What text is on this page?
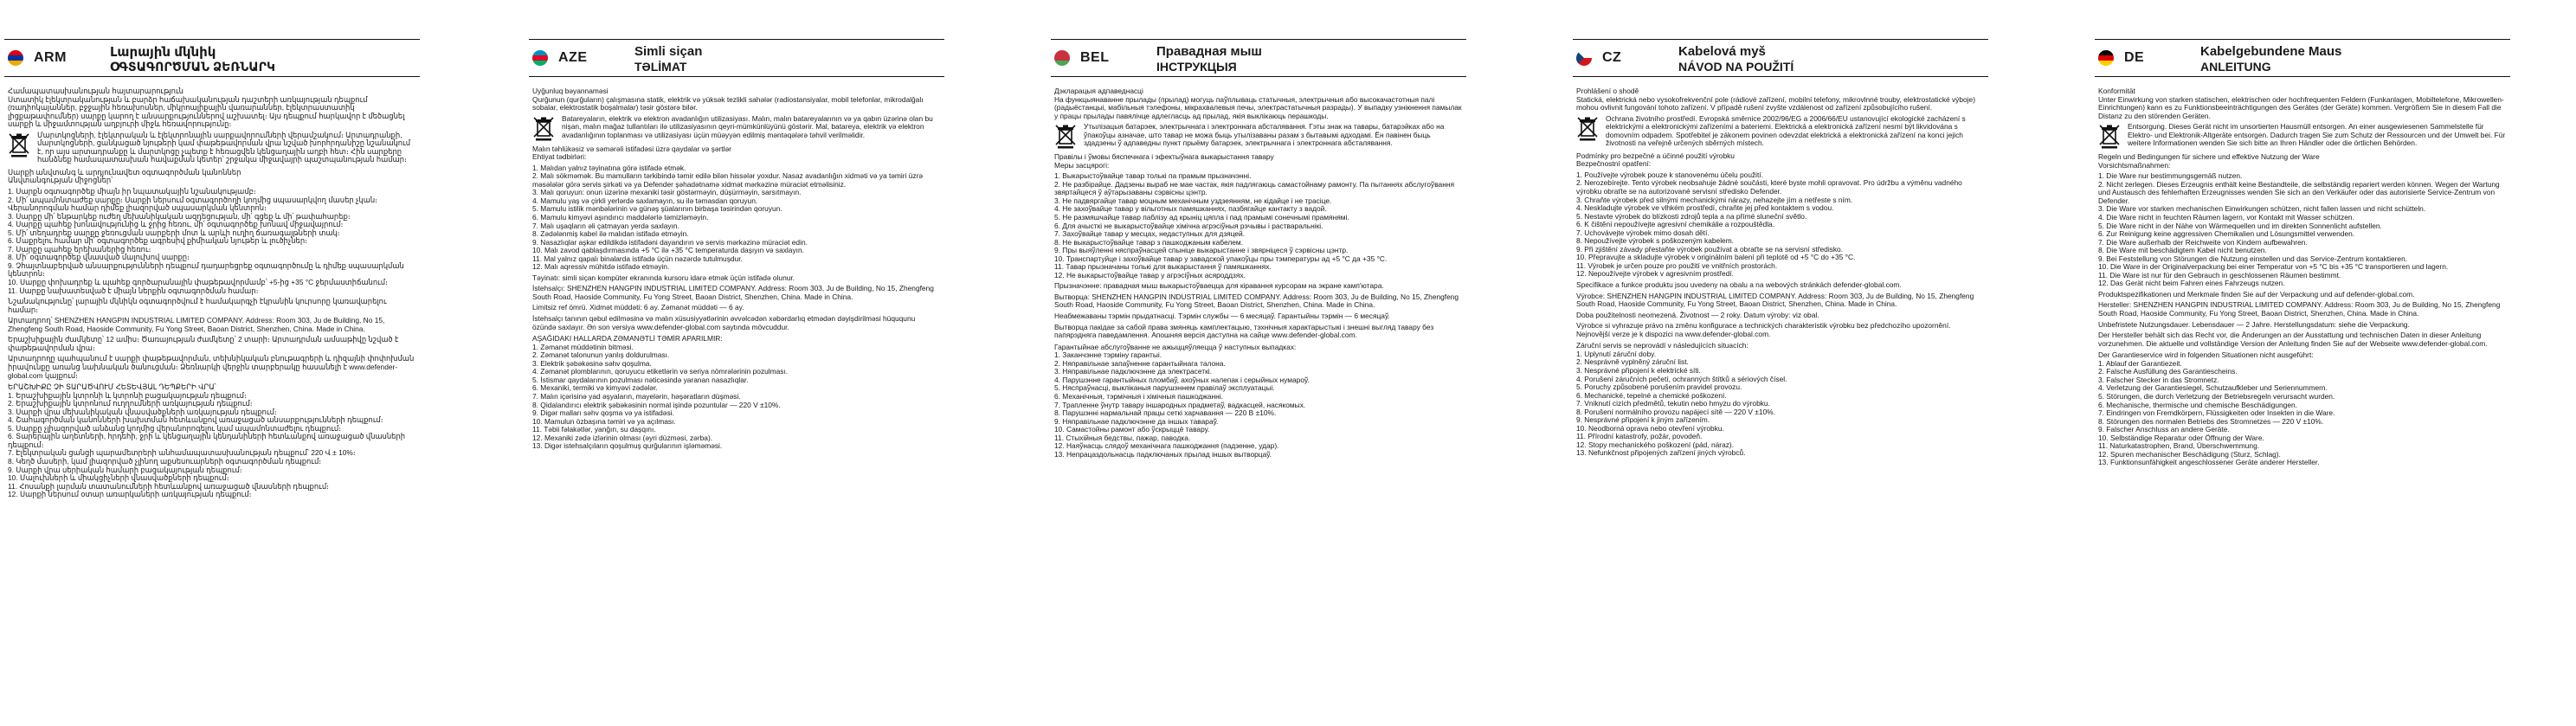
ARM	Լարային մկնիկ
ՕԳՏԱԳՈՐԾՄԱՆ ՁԵՌՆԱՐԿ

Համապատասխանության հայտարարություն

Ստատիկ էլեկտրականության և բարձր հաճախականության դաշտերի առկայության դեպքում (ռադիոկայաններ, բջջային հեռախոսներ, միկրոալիքային վառարաններ, էլեկտրաստատիկ լիցքաթափումներ) սարքը կարող է անսարքություններով աշխատել։ Այս դեպքում հարկավոր է մեծացնել սարքի և միջամտության աղբյուրի միջև հեռավորությունը։

Մարտկոցների, էլեկտրական և էլեկտրոնային սարքավորումների վերամշակում։ Արտադրանքի, մարտկոցների, ցանկացած նյութերի կամ փաթեթավորման վրա նշված խորհրդանիշը նշանակում է, որ այս արտադրանքը և մարտկոցը չպետք է հեռացվեն կենցաղային աղբի հետ։ Հին սարքերը հանձնեք համապատասխան հավաքման կետեր՝ շրջակա միջավայրի պաշտպանության համար։

Սարքի անվտանգ և արդյունավետ օգտագործման կանոններ

Անվտանգության միջոցներ՝

1. Սարքն օգտագործեք միայն իր նպատակային նշանակությամբ։
2. Մի՛ ապամոնտաժեք սարքը։ Սարքի ներսում օգտագործողի կողմից սպասարկվող մասեր չկան։ Վերանորոգման համար դիմեք լիազորված սպասարկման կենտրոն։
3. Սարքը մի՛ ենթարկեք ուժեղ մեխանիկական ազդեցության, մի՛ գցեք և մի՛ թափահարեք։
4. Սարքը պահեք խոնավությունից և ջրից հեռու, մի՛ օգտագործեք խոնավ միջավայրում։
5. Մի՛ տեղադրեք սարքը ջեռուցման սարքերի մոտ և արևի ուղիղ ճառագայթների տակ։
6. Մաքրելու համար մի՛ օգտագործեք ագրեսիվ քիմիական նյութեր և լուծիչներ։
7. Սարքը պահեք երեխաներից հեռու։
8. Մի՛ օգտագործեք վնասված մալուխով սարքը։
9. Չհայտնաբերված անսարքությունների դեպքում դադարեցրեք օգտագործումը և դիմեք սպասարկման կենտրոն։
10. Սարքը փոխադրեք և պահեք գործարանային փաթեթավորմամբ՝ +5-ից +35 °C ջերմաստիճանում։
11. Սարքը նախատեսված է միայն ներքին օգտագործման համար։

Նշանակությունը՝ լարային մկնիկն օգտագործվում է համակարգչի էկրանին կուրսորը կառավարելու համար։

Արտադրող՝ SHENZHEN HANGPIN INDUSTRIAL LIMITED COMPANY. Address: Room 303, Ju de Building, No 15, Zhengfeng South Road, Haoside Community, Fu Yong Street, Baoan District, Shenzhen, China. Made in China.

Երաշխիքային ժամկետը՝ 12 ամիս։ Ծառայության ժամկետը՝ 2 տարի։ Արտադրման ամսաթիվը նշված է փաթեթավորման վրա։

Արտադրողը պահպանում է սարքի փաթեթավորման, տեխնիկական բնութագրերի և դիզայնի փոփոխման իրավունքը առանց նախնական ծանուցման։ Ձեռնարկի վերջին տարբերակը հասանելի է www.defender-global.com կայքում։

ԵՐԱՇԽԻՔԸ ՉԻ ՏԱՐԱԾՎՈՒՄ ՀԵՏԵՎՅԱԼ ԴԵՊՔԵՐԻ ՎՐԱ՝

1. Երաշխիքային կտրոնի և կտրոնի բացակայության դեպքում։
2. Երաշխիքային կտրոնում ուղղումների առկայության դեպքում։
3. Սարքի վրա մեխանիկական վնասվածքների առկայության դեպքում։
4. Շահագործման կանոնների խախտման հետևանքով առաջացած անսարքությունների դեպքում։
5. Սարքը չլիազորված անձանց կողմից վերանորոգելու կամ ապամոնտաժելու դեպքում։
6. Տարերային աղետների, հրդեհի, ջրի և կենցաղային կենդանիների հետևանքով առաջացած վնասների դեպքում։
7. Էլեկտրական ցանցի պարամետրերի անհամապատասխանության դեպքում՝ 220 Վ ± 10%։
8. Կեղծ մասերի, կամ լիազորված չլինող աքսեսուարների օգտագործման դեպքում։
9. Սարքի վրա սերիական համարի բացակայության դեպքում։
10. Մալուխների և միակցիչների վնասվածքների դեպքում։
11. Հոսանքի լարման տատանումների հետևանքով առաջացած վնասների դեպքում։
12. Սարքի ներսում օտար առարկաների առկայության դեպքում։
AZE	Simli siçan
TƏLİMAT

Uyğunluq bəyannaməsi

Qurğunun (qurğuların) çalışmasına statik, elektrik və yüksək tezlikli sahələr (radiostansiyalar, mobil telefonlar, mikrodalğalı sobalar, elektrostatik boşalmalar) təsir göstərə bilər.

Batareyaların, elektrik və elektron avadanlığın utilizasiyası. Malın, malın batareyalarının və ya qabın üzərinə olan bu nişan, malın mağaz tullantıları ilə utilizasiyasının qeyri-mümkünlüyünü göstərir. Mal, batareya, elektrik və elektron avadanlığının toplanması və utilizasiyası üçün müəyyən edilmiş məntəqələrə təhvil verilməlidir.

Malın təhlükəsiz və səmərəli istifadəsi üzrə qaydalar və şərtlər

Ehtiyat tədbirləri:

1. Malıdan yalnız təyinatına görə istifadə etmək.
2. Malı sökməmək. Bu mamulların tərkibində təmir edilə bilən hissələr yoxdur. Nasaz avadanlığın xidməti və ya təmiri üzrə məsələlər görə servis şirkəti və ya Defender şəhadətnamə xidmət mərkəzinə müraciət etməlisiniz.
3. Malı qoruyun: onun üzərinə mexaniki təsir göstərməyin, düşürməyin, sarsıtmayın.
4. Mamulu yaş və çirkli yerlərdə saxlamayın, su ilə təmasdan qoruyun.
5. Mamulu istilik mənbələrinin və günəş şüalarının birbaşa təsirindən qoruyun.
6. Mamulu kimyəvi aşındırıcı maddələrlə təmizləməyin.
7. Malı uşaqların əli çatmayan yerdə saxlayın.
8. Zədələnmiş kabel ilə malıdan istifadə etməyin.
9. Nasazlıqlar aşkar edildikdə istifadəni dayandırın və servis mərkəzinə müraciət edin.
10. Malı zavod qablaşdırmasında +5 °C ilə +35 °C temperaturda daşıyın və saxlayın.
11. Mal yalnız qapalı binalarda istifadə üçün nəzərdə tutulmuşdur.
12. Malı aqressiv mühitdə istifadə etməyin.

Təyinatı: simli siçan kompüter ekranında kursoru idarə etmək üçün istifadə olunur.

İstehsalçı: SHENZHEN HANGPIN INDUSTRIAL LIMITED COMPANY. Address: Room 303, Ju de Building, No 15, Zhengfeng South Road, Haoside Community, Fu Yong Street, Baoan District, Shenzhen, China. Made in China.

Limitsiz ref ömrü. Xidmət müddəti: 6 ay. Zəmanət müddəti — 6 ay.

İstehsalçı tanının qəbul edilməsinə və malın xüsusiyyətlərinin əvvəlcədən xəbərdarlıq etmədən dəyişdirilməsi hüququnu özündə saxlayır. Ən son versiya www.defender-global.com saytında mövcuddur.

AŞAĞIDAKI HALLARDA ZƏMANƏTLİ TƏMİR APARILMIR:

1. Zəmanət müddətinin bitməsi.
2. Zəmanət talonunun yanlış doldurulması.
3. Elektrik şəbəkəsinə səhv qoşulma.
4. Zəmanət plomblarının, qoruyucu etiketlərin və seriya nömrələrinin pozulması.
5. İstismar qaydalarının pozulması nəticəsində yaranan nasazlıqlar.
6. Mexaniki, termiki və kimyəvi zədələr.
7. Malın içərisinə yad əşyaların, mayelərin, həşəratların düşməsi.
8. Qidalandırıcı elektrik şəbəkəsinin normal işində pozuntular — 220 V ±10%.
9. Digər malları səhv qoşma və ya istifadəsi.
10. Mamulun özbaşına təmiri və ya açılması.
11. Təbii fəlakətlər, yanğın, su daşqını.
12. Mexaniki zədə izlərinin olması (əyri düzməsi, zərba).
13. Digər istehsalçıların qoşulmuş qurğularının işləməməsi.
BEL	Правадная мыш
ІНСТРУКЦЫЯ

Дэкларацыя адпаведнасці

На функцыянаванне прылады (прылад) могуць паўплываць статычныя, электрычныя або высокачастотныя палі (радыёстанцыі, мабільныя тэлефоны, мікрахвалевыя печы, электрастатычныя разрады). У выпадку узнікнення памылак у працы прылады павялічце адлегласць ад прылад, якія выклікаюць перашкоды.

Утылізацыя батарэек, электрычнага і электроннага абсталявання. Гэты знак на тавары, батарэйках або на ўпакоўцы азначае, што тавар не можа быць утылізаваны разам з бытавымі адходамі. Ён павінен быць здадзены ў адпаведны пункт прыёму батарэек, электрычнага і электроннага абсталявання.

Правілы і ўмовы бяспечнага і эфектыўнага выкарыстання тавару

Меры засцярогі:

1. Выкарыстоўвайце тавар толькі па прамым прызначэнні.
2. Не разбірайце. Дадзены выраб не мае частак, якія падлягаюць самастойнаму рамонту. Па пытаннях абслугоўвання звяртайцеся ў аўтарызаваны сэрвісны цэнтр.
3. Не падвяргайце тавар моцным механічным уздзеянням, не кідайце і не трасіце.
4. Не захоўвайце тавар у вільготных памяшканнях, пазбягайце кантакту з вадой.
5. Не размяшчайце тавар паблізу ад крыніц цяпла і пад прамымі сонечнымі прамянямі.
6. Для ачысткі не выкарыстоўвайце хімічна агрэсіўныя рэчывы і растваральнікі.
7. Захоўвайце тавар у месцах, недаступных для дзяцей.
8. Не выкарыстоўвайце тавар з пашкоджаным кабелем.
9. Пры выяўленні няспраўнасцей спыніце выкарыстанне і звярніцеся ў сэрвісны цэнтр.
10. Транспартуйце і захоўвайце тавар у завадской упакоўцы пры тэмпературы ад +5 °C да +35 °C.
11. Тавар прызначаны толькі для выкарыстання ў памяшканнях.
12. Не выкарыстоўвайце тавар у агрэсіўных асяроддзях.

Прызначэнне: правадная мыш выкарыстоўваецца для кіравання курсорам на экране камп'ютара.

Вытворца: SHENZHEN HANGPIN INDUSTRIAL LIMITED COMPANY. Address: Room 303, Ju de Building, No 15, Zhengfeng South Road, Haoside Community, Fu Yong Street, Baoan District, Shenzhen, China. Made in China.

Неабмежаваны тэрмін прыдатнасці. Тэрмін службы — 6 месяцаў. Гарантыйны тэрмін — 6 месяцаў.

Вытворца пакідае за сабой права змяняць камплектацыю, тэхнічныя характарыстыкі і знешні выгляд тавару без папярэдняга паведамлення. Апошняя версія даступна на сайце www.defender-global.com.

Гарантыйнае абслугоўванне не ажыццяўляецца ў наступных выпадках:

1. Заканчэнне тэрміну гарантыі.
2. Няправільнае запаўненне гарантыйнага талона.
3. Няправільнае падключэнне да электрасеткі.
4. Парушэнне гарантыйных пломбаў, ахоўных налепак і серыйных нумароў.
5. Няспраўнасці, выкліканыя парушэннем правілаў эксплуатацыі.
6. Механічныя, тэрмічныя і хімічныя пашкоджанні.
7. Трапленне ўнутр тавару іншародных прадметаў, вадкасцей, насякомых.
8. Парушэнні нармальнай працы сеткі харчавання — 220 В ±10%.
9. Няправільнае падключэнне да іншых тавараў.
10. Самастойны рамонт або ўскрыццё тавару.
11. Стыхійныя бедствы, пажар, паводка.
12. Наяўнасць слядоў механічнага пашкоджання (падзенне, удар).
13. Непрацаздольнасць падключаных прылад іншых вытворцаў.
CZ	Kabelová myš
NÁVOD NA POUŽITÍ

Prohlášení o shodě

Statická, elektrická nebo vysokofrekvenční pole (rádiové zařízení, mobilní telefony, mikrovlnné trouby, elektrostatické výboje) mohou ovlivnit fungování tohoto zařízení. V případě rušení zvyšte vzdálenost od zařízení způsobujícího rušení.

Ochrana životního prostředí. Evropská směrnice 2002/96/EG a 2006/66/EU ustanovující ekologické zacházení s elektrickými a elektronickými zařízeními a bateriemi. Elektrická a elektronická zařízení nesmí být likvidována s domovním odpadem. Spotřebitel je zákonem povinen odevzdat elektrická a elektronická zařízení na konci jejich životnosti na veřejně určených sběrných místech.

Podmínky pro bezpečné a účinné použití výrobku

Bezpečnostní opatření:

1. Používejte výrobek pouze k stanovenému účelu použití.
2. Nerozebírejte. Tento výrobek neobsahuje žádné součásti, které byste mohli opravovat. Pro údržbu a výměnu vadného výrobku obraťte se na autorizované servisní středisko Defender.
3. Chraňte výrobek před silnými mechanickými nárazy, nehazejte jím a netřeste s ním.
4. Neskladujte výrobek ve vlhkém prostředí, chraňte jej před kontaktem s vodou.
5. Nestavte výrobek do blízkosti zdrojů tepla a na přímé sluneční světlo.
6. K čištění nepoužívejte agresivní chemikálie a rozpouštědla.
7. Uchovávejte výrobek mimo dosah dětí.
8. Nepoužívejte výrobek s poškozeným kabelem.
9. Při zjištění závady přestaňte výrobek používat a obraťte se na servisní středisko.
10. Přepravujte a skladujte výrobek v originálním balení při teplotě od +5 °C do +35 °C.
11. Výrobek je určen pouze pro použití ve vnitřních prostorách.
12. Nepoužívejte výrobek v agresivním prostředí.

Specifikace a funkce produktu jsou uvedeny na obalu a na webových stránkách defender-global.com.

Výrobce: SHENZHEN HANGPIN INDUSTRIAL LIMITED COMPANY. Address: Room 303, Ju de Building, No 15, Zhengfeng South Road, Haoside Community, Fu Yong Street, Baoan District, Shenzhen, China. Made in China.

Doba použitelnosti neomezená. Životnost — 2 roky. Datum výroby: viz obal.

Výrobce si vyhrazuje právo na změnu konfigurace a technických charakteristik výrobku bez předchozího upozornění. Nejnovější verze je k dispozici na www.defender-global.com.

Záruční servis se neprovádí v následujících situacích:

1. Uplynutí záruční doby.
2. Nesprávně vyplněný záruční list.
3. Nesprávné připojení k elektrické síti.
4. Porušení záručních pečetí, ochranných štítků a sériových čísel.
5. Poruchy způsobené porušením pravidel provozu.
6. Mechanické, tepelné a chemické poškození.
7. Vniknutí cizích předmětů, tekutin nebo hmyzu do výrobku.
8. Porušení normálního provozu napájecí sítě — 220 V ±10%.
9. Nesprávné připojení k jiným zařízením.
10. Neodborná oprava nebo otevření výrobku.
11. Přírodní katastrofy, požár, povodeň.
12. Stopy mechanického poškození (pád, náraz).
13. Nefunkčnost připojených zařízení jiných výrobců.
DE	Kabelgebundene Maus
ANLEITUNG

Konformität

Unter Einwirkung von starken statischen, elektrischen oder hochfrequenten Feldern (Funkanlagen, Mobiltelefone, Mikrowellen-Einrichtungen) kann es zu Funktionsbeeinträchtigungen des Gerätes (der Geräte) kommen. Vergrößern Sie in diesem Fall die Distanz zu den störenden Geräten.

Entsorgung. Dieses Gerät nicht im unsortierten Hausmüll entsorgen. An einer ausgewiesenen Sammelstelle für Elektro- und Elektronik-Altgeräte entsorgen. Dadurch tragen Sie zum Schutz der Ressourcen und der Umwelt bei. Für weitere Informationen wenden Sie sich bitte an Ihren Händler oder die örtlichen Behörden.

Regeln und Bedingungen für sichere und effektive Nutzung der Ware

Vorsichtsmaßnahmen:

1. Die Ware nur bestimmungsgemäß nutzen.
2. Nicht zerlegen. Dieses Erzeugnis enthält keine Bestandteile, die selbständig repariert werden können. Wegen der Wartung und Austausch des fehlerhaften Erzeugnisses wenden Sie sich an den Verkäufer oder das autorisierte Service-Zentrum von Defender.
3. Die Ware vor starken mechanischen Einwirkungen schützen, nicht fallen lassen und nicht schütteln.
4. Die Ware nicht in feuchten Räumen lagern, vor Kontakt mit Wasser schützen.
5. Die Ware nicht in der Nähe von Wärmequellen und im direkten Sonnenlicht aufstellen.
6. Zur Reinigung keine aggressiven Chemikalien und Lösungsmittel verwenden.
7. Die Ware außerhalb der Reichweite von Kindern aufbewahren.
8. Die Ware mit beschädigtem Kabel nicht benutzen.
9. Bei Feststellung von Störungen die Nutzung einstellen und das Service-Zentrum kontaktieren.
10. Die Ware in der Originalverpackung bei einer Temperatur von +5 °C bis +35 °C transportieren und lagern.
11. Die Ware ist nur für den Gebrauch in geschlossenen Räumen bestimmt.
12. Das Gerät nicht beim Fahren eines Fahrzeugs nutzen.

Produktspezifikationen und Merkmale finden Sie auf der Verpackung und auf defender-global.com.

Hersteller: SHENZHEN HANGPIN INDUSTRIAL LIMITED COMPANY. Address: Room 303, Ju de Building, No 15, Zhengfeng South Road, Haoside Community, Fu Yong Street, Baoan District, Shenzhen, China. Made in China.

Unbefristete Nutzungsdauer. Lebensdauer — 2 Jahre. Herstellungsdatum: siehe die Verpackung.

Der Hersteller behält sich das Recht vor, die Änderungen an der Ausstattung und technischen Daten in dieser Anleitung vorzunehmen. Die aktuelle und vollständige Version der Anleitung finden Sie auf der Webseite www.defender-global.com.

Der Garantieservice wird in folgenden Situationen nicht ausgeführt:

1. Ablauf der Garantiezeit.
2. Falsche Ausfüllung des Garantiescheins.
3. Falscher Stecker in das Stromnetz.
4. Verletzung der Garantiesiegel, Schutzaufkleber und Seriennummern.
5. Störungen, die durch Verletzung der Betriebsregeln verursacht wurden.
6. Mechanische, thermische und chemische Beschädigungen.
7. Eindringen von Fremdkörpern, Flüssigkeiten oder Insekten in die Ware.
8. Störungen des normalen Betriebs des Stromnetzes — 220 V ±10%.
9. Falscher Anschluss an andere Geräte.
10. Selbständige Reparatur oder Öffnung der Ware.
11. Naturkatastrophen, Brand, Überschwemmung.
12. Spuren mechanischer Beschädigung (Sturz, Schlag).
13. Funktionsunfähigkeit angeschlossener Geräte anderer Hersteller.
